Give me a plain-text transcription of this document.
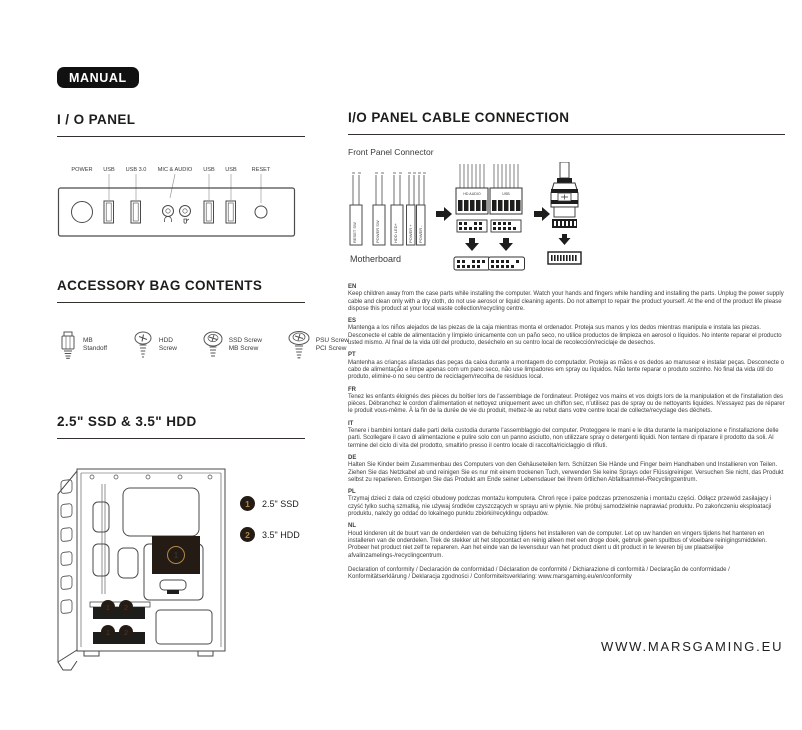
MANUAL
I / O PANEL
POWER USB USB 3.0 MIC & AUDIO USB USB	RESET
ACCESSORY BAG CONTENTS
MB
Standoff
HDD
Screw
SSD Screw
MB Screw
PSU Screw
PCI Screw
2.5" SSD & 3.5" HDD
1
1 2
1 2
1	2.5" SSD
2	3.5" HDD
I/O PANEL CABLE CONNECTION
Front Panel Connector
RESET SW	POWER SW	HDD LED+	POWER + POWER -
HD AUDIO	USB
Motherboard
EN
Keep children away from the case parts while installing the computer. Watch your hands and fingers while handling and installing the parts. Unplug the power supply cable and clean only with a dry cloth, do not use aerosol or liquid cleaning agents. Do not attempt to repair the product yourself. At the end of the product life please dispose this product at your local waste collection/recycling centre.
ES
Mantenga a los niños alejados de las piezas de la caja mientras monta el ordenador. Proteja sus manos y los dedos mientras manipula e instala las piezas. Desconecte el cable de alimentación y límpielo únicamente con un paño seco, no utilice productos de limpieza en aerosol o líquidos. No intente reparar el producto usted mismo. Al final de la vida útil del producto, deséchelo en su centro local de recolección/reciclaje de desechos.
PT
Mantenha as crianças afastadas das peças da caixa durante a montagem do computador. Proteja as mãos e os dedos ao manusear e instalar peças. Desconecte o cabo de alimentação e limpe apenas com um pano seco, não use limpadores em spray ou líquidos. Não tente reparar o produto sozinho. No final da vida útil do produto, elimine-o no seu centro de reciclagem/recolha de resíduos local.
FR
Tenez les enfants éloignés des pièces du boîtier lors de l'assemblage de l'ordinateur. Protégez vos mains et vos doigts lors de la manipulation et de l'installation des pièces. Débranchez le cordon d'alimentation et nettoyez uniquement avec un chiffon sec, n'utilisez pas de spray ou de nettoyants liquides. N'essayez pas de réparer le produit vous-même. À la fin de la durée de vie du produit, mettez-le au rebut dans votre centre local de collecte/recyclage des déchets.
IT
Tenere i bambini lontani dalle parti della custodia durante l'assemblaggio del computer. Proteggere le mani e le dita durante la manipolazione e l'installazione delle parti. Scollegare il cavo di alimentazione e pulire solo con un panno asciutto, non utilizzare spray o detergenti liquidi. Non tentare di riparare il prodotto da soli. Al termine del ciclo di vita del prodotto, smaltirlo presso il centro locale di raccolta/riciclaggio di rifiuti.
DE
Halten Sie Kinder beim Zusammenbau des Computers von den Gehäuseteilen fern. Schützen Sie Hände und Finger beim Handhaben und Installieren von Teilen. Ziehen Sie das Netzkabel ab und reinigen Sie es nur mit einem trockenen Tuch, verwenden Sie keine Sprays oder Flüssigreiniger. Versuchen Sie nicht, das Produkt selbst zu reparieren. Entsorgen Sie das Produkt am Ende seiner Lebensdauer bei Ihrem örtlichen Abfallsammel-/Recyclingzentrum.
PL
Trzymaj dzieci z dala od części obudowy podczas montażu komputera. Chroń ręce i palce podczas przenoszenia i montażu części. Odłącz przewód zasilający i czyść tylko suchą szmatką, nie używaj środków czyszczących w sprayu ani w płynie. Nie próbuj samodzielnie naprawiać produktu. Po zakończeniu eksploatacji produktu, należy go oddać do lokalnego punktu zbiórki/recyklingu odpadów.
NL
Houd kinderen uit de buurt van de onderdelen van de behuizing tijdens het installeren van de computer. Let op uw handen en vingers tijdens het hanteren en installeren van de onderdelen. Trek de stekker uit het stopcontact en reinig alleen met een droge doek, gebruik geen spuitbus of vloeibare reinigingsmiddelen. Probeer het product niet zelf te repareren. Aan het einde van de levensduur van het product dient u dit product in te leveren bij uw plaatselijke afvalinzamelings-/recyclingcentrum.
Declaration of conformity / Declaración de conformidad / Déclaration de conformité / Dichiarazione di conformità / Declaração de conformidade / Konformitätserklärung / Deklaracja zgodności / Conformiteitsverklaring: www.marsgaming.eu/en/conformity
WWW.MARSGAMING.EU
